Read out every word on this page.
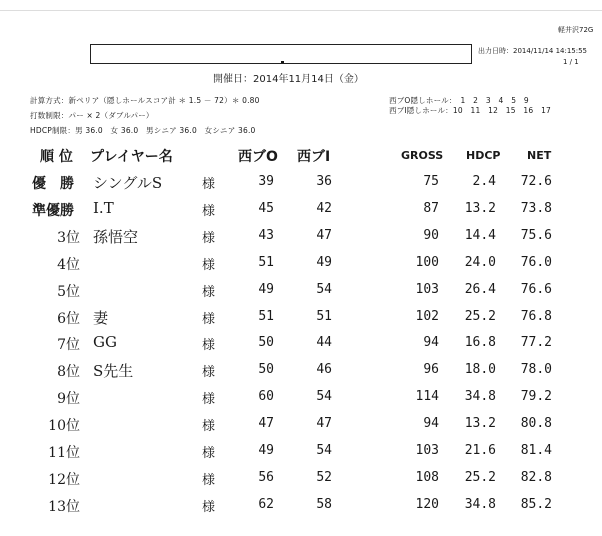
軽井沢72G
出力日時：2014/11/14 14:15:55
1 / 1
開催日：2014年11月14日（金）
計算方式：新ペリア（隠しホールスコア計 ＊ 1.5 － 72）＊ 0.80
打数制限：パー × 2（ダブルパー）
HDCP制限：男 36.0　女 36.0　男シニア 36.0　女シニア 36.0
西ブO隠しホール：　1　2　3　4　5　9
西ブI隠しホール：10　11　12　15　16　17
順 位 プレイヤー名	西ブO 西ブI	GROSS HDCP NET
優　勝 シングルS	様	39	36	75	2.4 72.6
準優勝 I.T	様	45	42	87 13.2 73.8
3位 孫悟空	様	43	47	90 14.4 75.6
4位	様	51	49	100 24.0 76.0
5位	様	49	54	103 26.4 76.6
6位 妻	様	51	51	102 25.2 76.8
7位 GG	様	50	44	94 16.8 77.2
8位 S先生	様	50	46	96 18.0 78.0
9位	様	60	54	114 34.8 79.2
10位	様	47	47	94 13.2 80.8
11位	様	49	54	103 21.6 81.4
12位	様	56	52	108 25.2 82.8
13位	様	62	58	120 34.8 85.2
